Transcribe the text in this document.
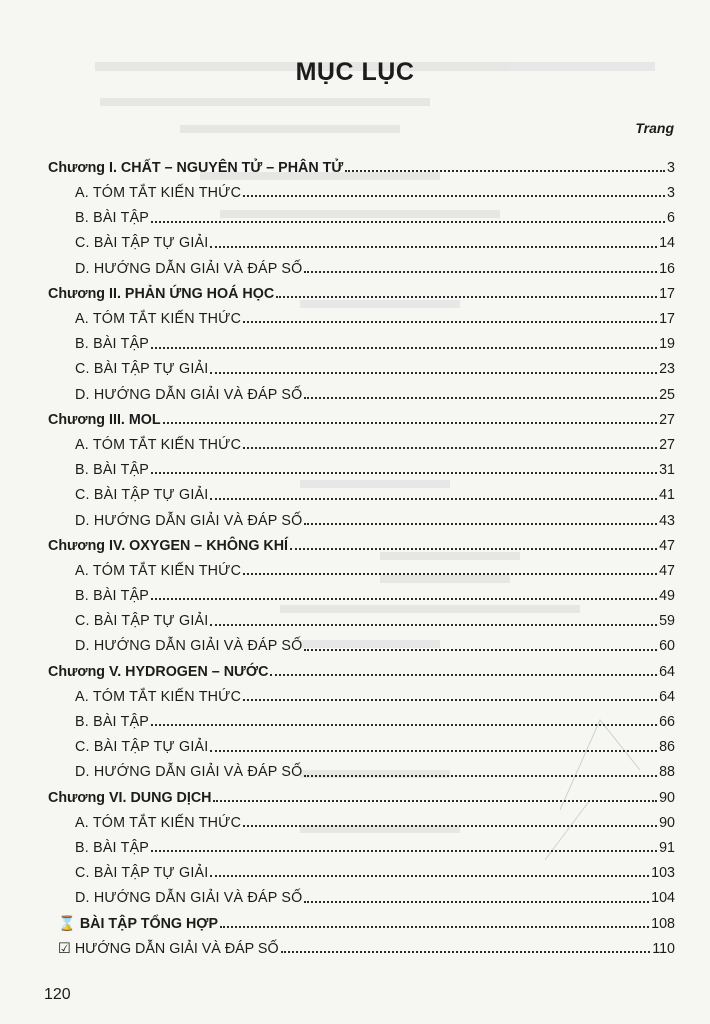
MỤC LỤC
Trang
Chương I. CHẤT – NGUYÊN TỬ – PHÂN TỬ	3
A. TÓM TẮT KIẾN THỨC	3
B. BÀI TẬP	6
C. BÀI TẬP TỰ GIẢI	14
D. HƯỚNG DẪN GIẢI VÀ ĐÁP SỐ	16
Chương II. PHẢN ỨNG HOÁ HỌC	17
A. TÓM TẮT KIẾN THỨC	17
B. BÀI TẬP	19
C. BÀI TẬP TỰ GIẢI	23
D. HƯỚNG DẪN GIẢI VÀ ĐÁP SỐ	25
Chương III. MOL	27
A. TÓM TẮT KIẾN THỨC	27
B. BÀI TẬP	31
C. BÀI TẬP TỰ GIẢI	41
D. HƯỚNG DẪN GIẢI VÀ ĐÁP SỐ	43
Chương IV. OXYGEN – KHÔNG KHÍ	47
A. TÓM TẮT KIẾN THỨC	47
B. BÀI TẬP	49
C. BÀI TẬP TỰ GIẢI	59
D. HƯỚNG DẪN GIẢI VÀ ĐÁP SỐ	60
Chương V. HYDROGEN – NƯỚC	64
A. TÓM TẮT KIẾN THỨC	64
B. BÀI TẬP	66
C. BÀI TẬP TỰ GIẢI	86
D. HƯỚNG DẪN GIẢI VÀ ĐÁP SỐ	88
Chương VI. DUNG DỊCH	90
A. TÓM TẮT KIẾN THỨC	90
B. BÀI TẬP	91
C. BÀI TẬP TỰ GIẢI	103
D. HƯỚNG DẪN GIẢI VÀ ĐÁP SỐ	104
⌛ BÀI TẬP TỔNG HỢP	108
☑ HƯỚNG DẪN GIẢI VÀ ĐÁP SỐ	110
120
